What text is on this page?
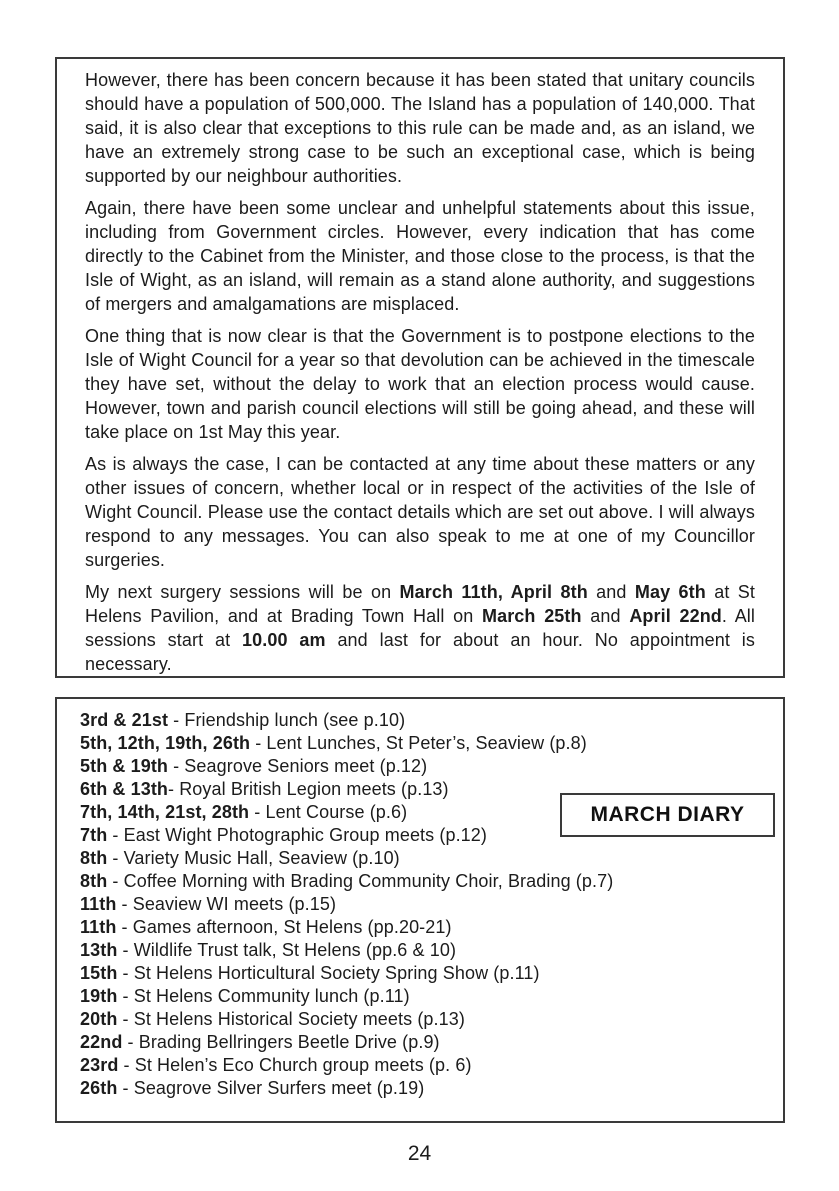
However, there has been concern because it has been stated that unitary councils should have a population of 500,000. The Island has a population of 140,000. That said, it is also clear that exceptions to this rule can be made and, as an island, we have an extremely strong case to be such an exceptional case, which is being supported by our neighbour authorities.

Again, there have been some unclear and unhelpful statements about this issue, including from Government circles. However, every indication that has come directly to the Cabinet from the Minister, and those close to the process, is that the Isle of Wight, as an island, will remain as a stand alone authority, and suggestions of mergers and amalgamations are misplaced.

One thing that is now clear is that the Government is to postpone elections to the Isle of Wight Council for a year so that devolution can be achieved in the timescale they have set, without the delay to work that an election process would cause. However, town and parish council elections will still be going ahead, and these will take place on 1st May this year.

As is always the case, I can be contacted at any time about these matters or any other issues of concern, whether local or in respect of the activities of the Isle of Wight Council. Please use the contact details which are set out above. I will always respond to any messages. You can also speak to me at one of my Councillor surgeries.

My next surgery sessions will be on March 11th, April 8th and May 6th at St Helens Pavilion, and at Brading Town Hall on March 25th and April 22nd. All sessions start at 10.00 am and last for about an hour. No appointment is necessary.

3rd & 21st - Friendship lunch (see p.10)
5th, 12th, 19th, 26th - Lent Lunches, St Peter’s, Seaview (p.8)
5th & 19th - Seagrove Seniors meet (p.12)
6th & 13th- Royal British Legion meets (p.13)
7th, 14th, 21st, 28th - Lent Course (p.6)
7th - East Wight Photographic Group meets (p.12)
8th - Variety Music Hall, Seaview (p.10)
8th - Coffee Morning with Brading Community Choir, Brading (p.7)
11th - Seaview WI meets (p.15)
11th - Games afternoon, St Helens (pp.20-21)
13th - Wildlife Trust talk, St Helens (pp.6 & 10)
15th - St Helens Horticultural Society Spring Show (p.11)
19th - St Helens Community lunch (p.11)
20th - St Helens Historical Society meets (p.13)
22nd - Brading Bellringers Beetle Drive (p.9)
23rd - St Helen’s Eco Church group meets (p. 6)
26th - Seagrove Silver Surfers meet (p.19)
MARCH DIARY
24
